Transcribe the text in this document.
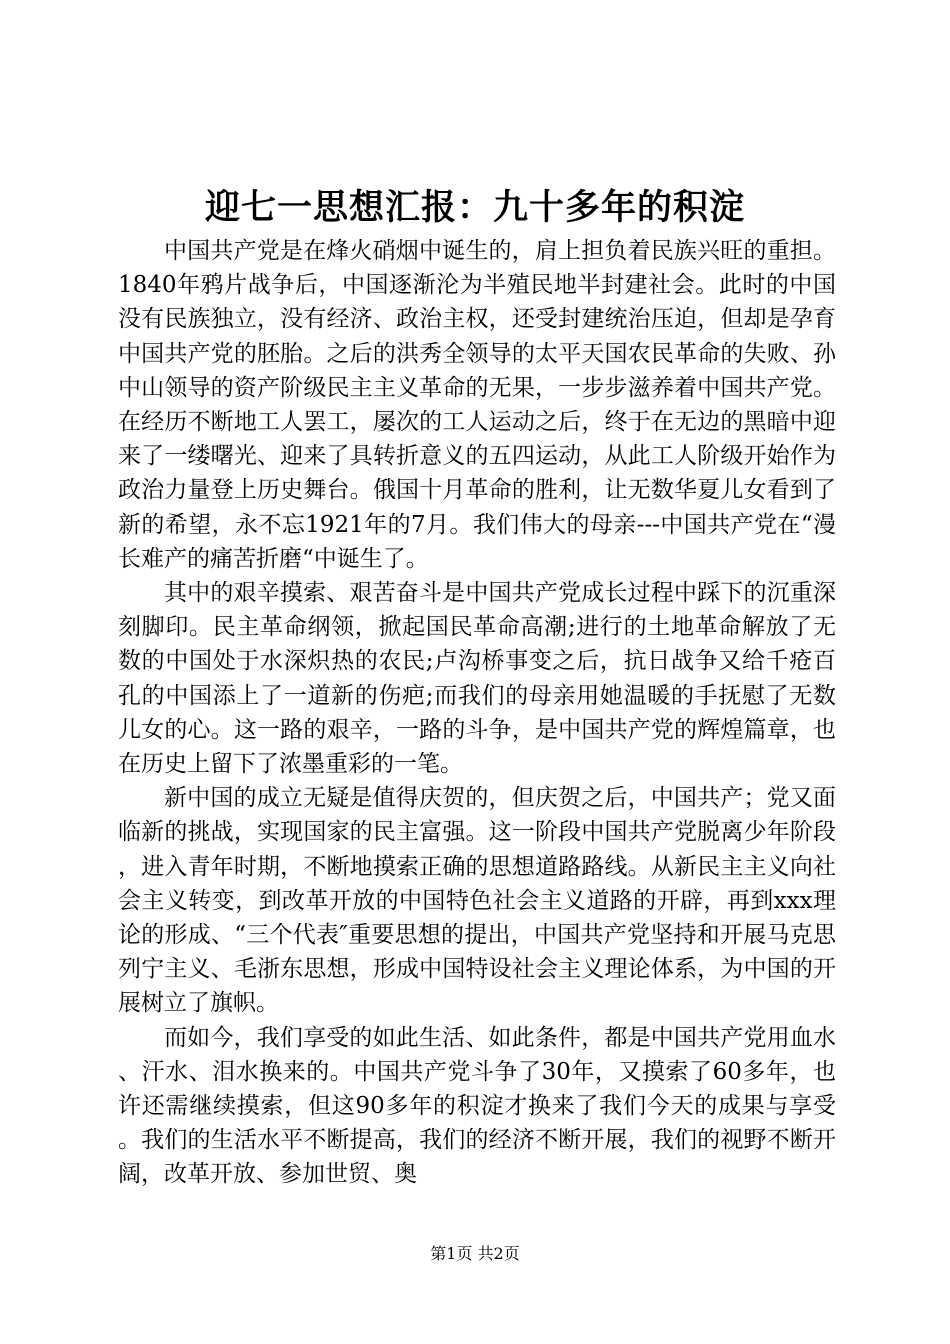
迎七一思想汇报：九十多年的积淀

中国共产党是在烽火硝烟中诞生的，肩上担负着民族兴旺的重担。1840年鸦片战争后，中国逐渐沦为半殖民地半封建社会。此时的中国没有民族独立，没有经济、政治主权，还受封建统治压迫，但却是孕育中国共产党的胚胎。之后的洪秀全领导的太平天国农民革命的失败、孙中山领导的资产阶级民主主义革命的无果，一步步滋养着中国共产党。在经历不断地工人罢工，屡次的工人运动之后，终于在无边的黑暗中迎来了一缕曙光、迎来了具转折意义的五四运动，从此工人阶级开始作为政治力量登上历史舞台。俄国十月革命的胜利，让无数华夏儿女看到了新的希望，永不忘1921年的7月。我们伟大的母亲---中国共产党在“漫长难产的痛苦折磨“中诞生了。

其中的艰辛摸索、艰苦奋斗是中国共产党成长过程中踩下的沉重深刻脚印。民主革命纲领，掀起国民革命高潮;进行的土地革命解放了无数的中国处于水深炽热的农民;卢沟桥事变之后，抗日战争又给千疮百孔的中国添上了一道新的伤疤;而我们的母亲用她温暖的手抚慰了无数儿女的心。这一路的艰辛，一路的斗争，是中国共产党的辉煌篇章，也在历史上留下了浓墨重彩的一笔。

新中国的成立无疑是值得庆贺的，但庆贺之后，中国共产；党又面临新的挑战，实现国家的民主富强。这一阶段中国共产党脱离少年阶段，进入青年时期，不断地摸索正确的思想道路路线。从新民主主义向社会主义转变，到改革开放的中国特色社会主义道路的开辟，再到xxx理论的形成、“三个代表″重要思想的提出，中国共产党坚持和开展马克思列宁主义、毛浙东思想，形成中国特设社会主义理论体系，为中国的开展树立了旗帜。

而如今，我们享受的如此生活、如此条件，都是中国共产党用血水、汗水、泪水换来的。中国共产党斗争了30年，又摸索了60多年，也许还需继续摸索，但这90多年的积淀才换来了我们今天的成果与享受。我们的生活水平不断提高，我们的经济不断开展，我们的视野不断开阔，改革开放、参加世贸、奥

第1页 共2页
